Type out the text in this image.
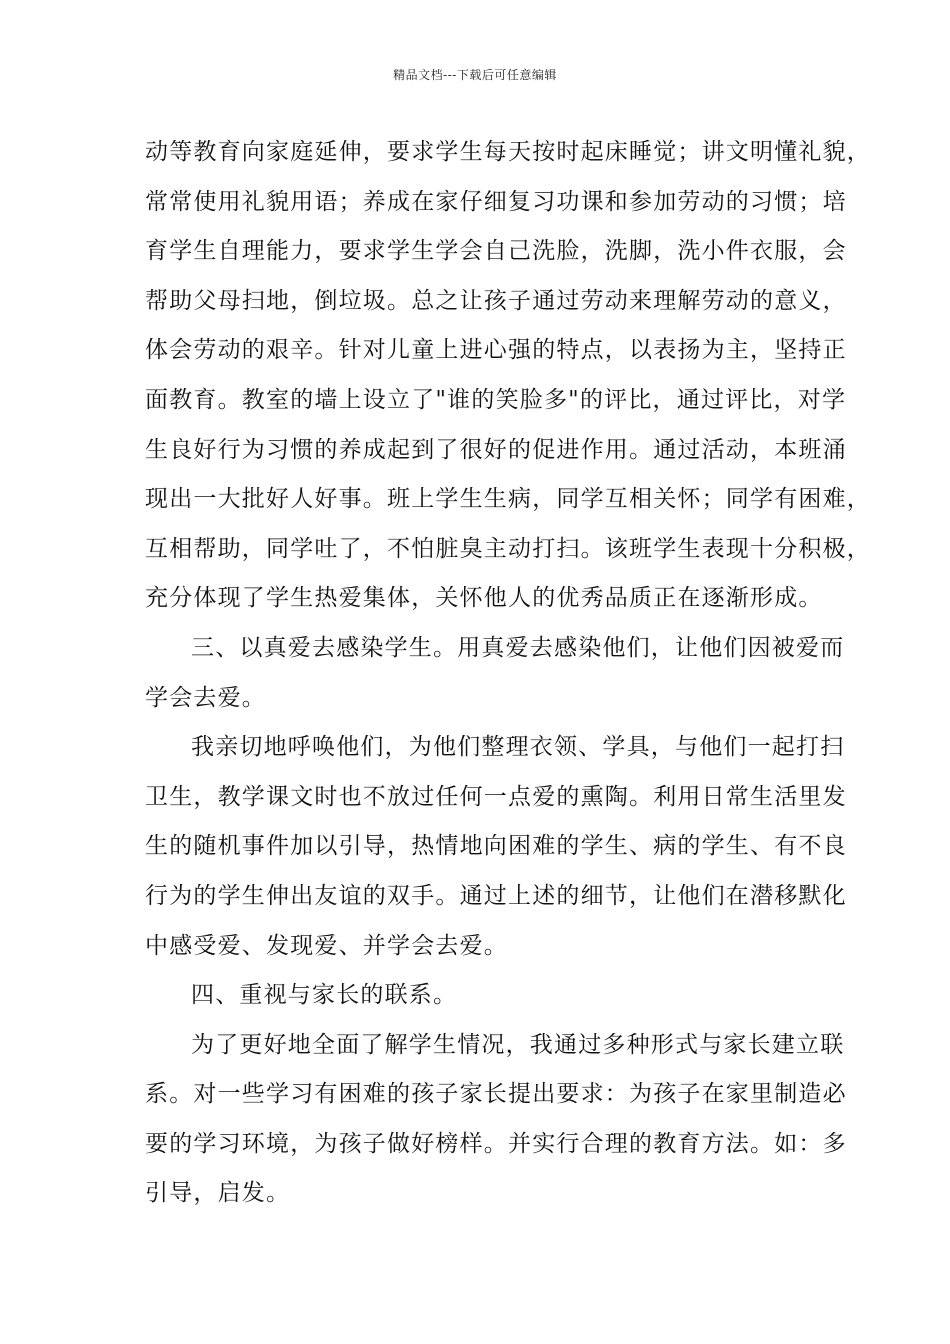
精品文档---下载后可任意编辑
动等教育向家庭延伸，要求学生每天按时起床睡觉；讲文明懂礼貌，
常常使用礼貌用语；养成在家仔细复习功课和参加劳动的习惯；培
育学生自理能力，要求学生学会自己洗脸，洗脚，洗小件衣服，会
帮助父母扫地，倒垃圾。总之让孩子通过劳动来理解劳动的意义，
体会劳动的艰辛。针对儿童上进心强的特点，以表扬为主，坚持正
面教育。教室的墙上设立了"谁的笑脸多"的评比，通过评比，对学
生良好行为习惯的养成起到了很好的促进作用。通过活动，本班涌
现出一大批好人好事。班上学生生病，同学互相关怀；同学有困难，
互相帮助，同学吐了，不怕脏臭主动打扫。该班学生表现十分积极，
充分体现了学生热爱集体，关怀他人的优秀品质正在逐渐形成。
三、以真爱去感染学生。用真爱去感染他们，让他们因被爱而
学会去爱。
我亲切地呼唤他们，为他们整理衣领、学具，与他们一起打扫
卫生，教学课文时也不放过任何一点爱的熏陶。利用日常生活里发
生的随机事件加以引导，热情地向困难的学生、病的学生、有不良
行为的学生伸出友谊的双手。通过上述的细节，让他们在潜移默化
中感受爱、发现爱、并学会去爱。
四、重视与家长的联系。
为了更好地全面了解学生情况，我通过多种形式与家长建立联
系。对一些学习有困难的孩子家长提出要求：为孩子在家里制造必
要的学习环境，为孩子做好榜样。并实行合理的教育方法。如：多
引导，启发。
